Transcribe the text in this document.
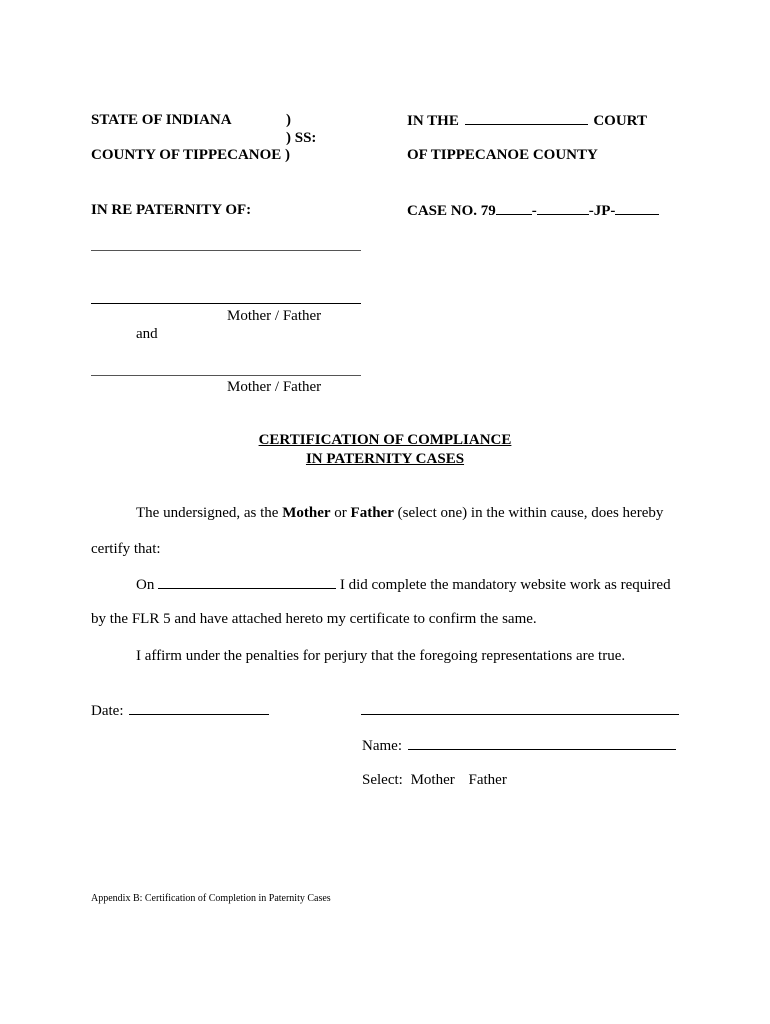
STATE OF INDIANA	)
) SS:
COUNTY OF TIPPECANOE )
IN THE	COURT
OF TIPPECANOE COUNTY
IN RE PATERNITY OF:	CASE NO. 79 -	-JP-
Mother / Father
and
Mother / Father
CERTIFICATION OF COMPLIANCE
IN PATERNITY CASES
The undersigned, as the Mother or Father (select one) in the within cause, does hereby
certify that:
On	I did complete the mandatory website work as required
by the FLR 5 and have attached hereto my certificate to confirm the same.
I affirm under the penalties for perjury that the foregoing representations are true.
Date:
Name:
Select: Mother Father
Appendix B: Certification of Completion in Paternity Cases
